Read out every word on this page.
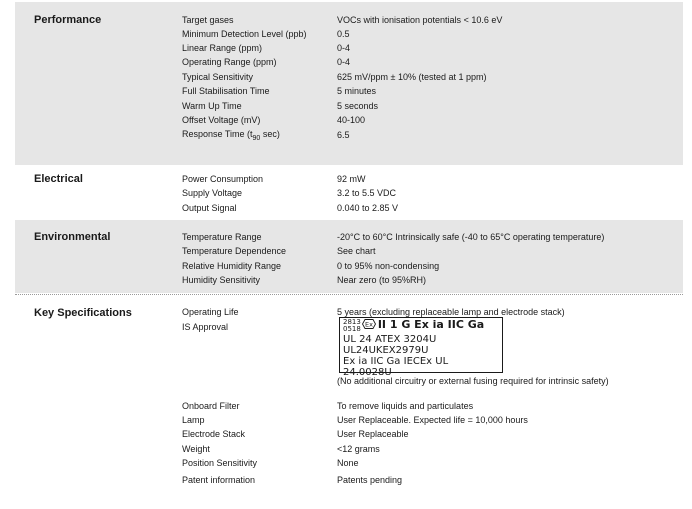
Performance	Target gases	VOCs with ionisation potentials < 10.6 eV
Minimum Detection Level (ppb)	0.5
Linear Range (ppm)	0-4
Operating Range (ppm)	0-4
Typical Sensitivity	625 mV/ppm ± 10% (tested at 1 ppm)
Full Stabilisation Time	5 minutes
Warm Up Time	5 seconds
Offset Voltage (mV)	40-100
Response Time ($t_{90}$ sec)	6.5
Electrical	Power Consumption	92 mW
Supply Voltage	3.2 to 5.5 VDC
Output Signal	0.040 to 2.85 V
Environmental	Temperature Range	-20°C to 60°C Intrinsically safe (-40 to 65°C operating temperature)
Temperature Dependence	See chart
Relative Humidity Range	0 to 95% non-condensing
Humidity Sensitivity	Near zero (to 95%RH)
Key Specifications	Operating Life	5 years (excluding replaceable lamp and electrode stack)
IS Approval	2813
0518
Ex II 1 G Ex ia IIC Ga
UL 24 ATEX 3204U
UL24UKEX2979U
Ex ia IIC Ga IECEx UL 24.0028U
(No additional circuitry or external fusing required for intrinsic safety)
Onboard Filter	To remove liquids and particulates
Lamp	User Replaceable. Expected life = 10,000 hours
Electrode Stack	User Replaceable
Weight	<12 grams
Position Sensitivity	None
Patent information	Patents pending
